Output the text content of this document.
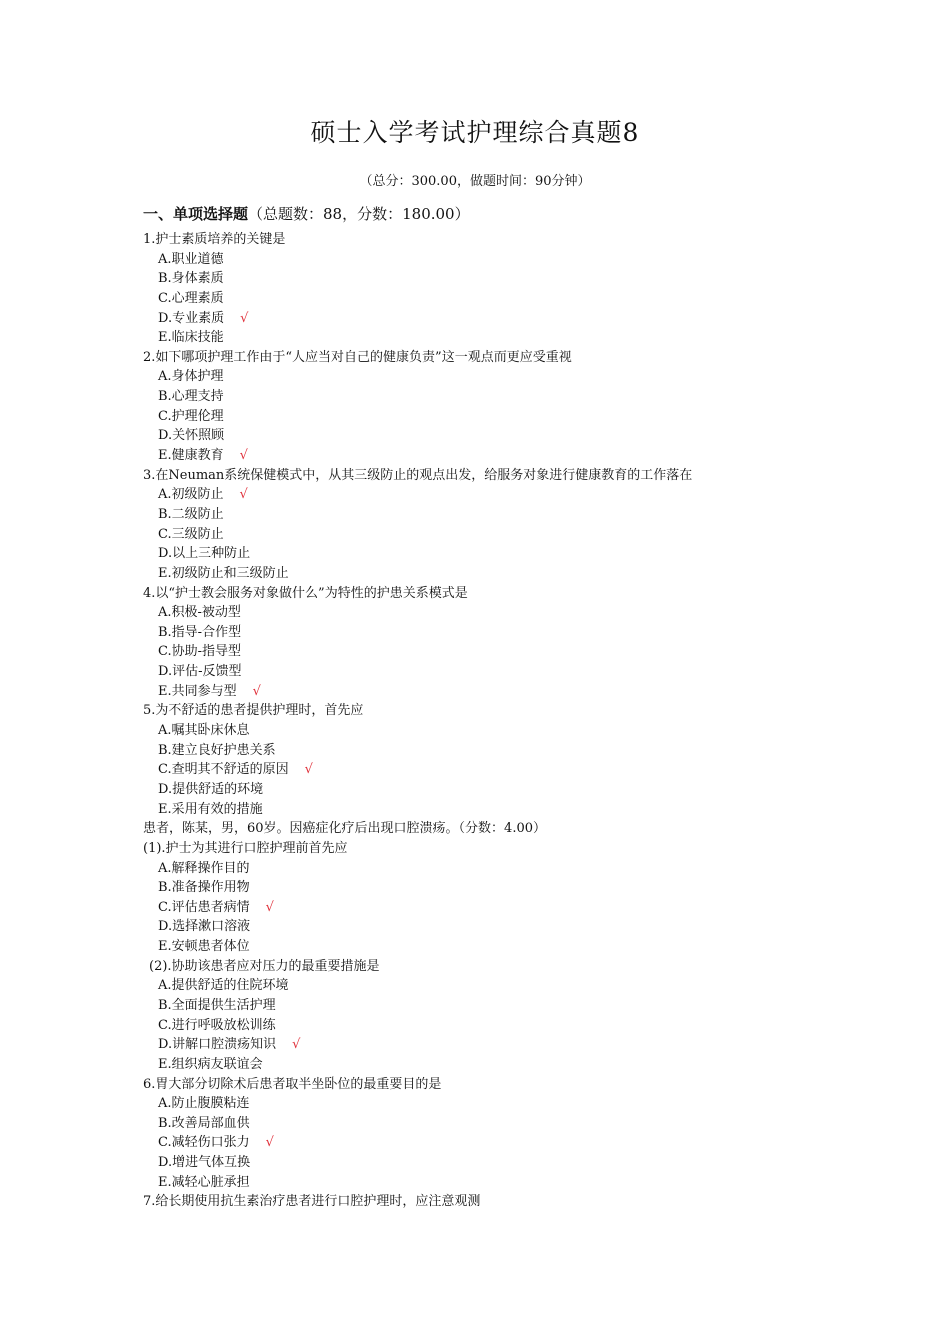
硕士入学考试护理综合真题8
（总分：300.00，做题时间：90分钟）
一、单项选择题（总题数：88，分数：180.00）
1.护士素质培养的关键是
A.职业道德
B.身体素质
C.心理素质
D.专业素质 √
E.临床技能
2.如下哪项护理工作由于“人应当对自己的健康负责”这一观点而更应受重视
A.身体护理
B.心理支持
C.护理伦理
D.关怀照顾
E.健康教育 √
3.在Neuman系统保健模式中，从其三级防止的观点出发，给服务对象进行健康教育的工作落在
A.初级防止 √
B.二级防止
C.三级防止
D.以上三种防止
E.初级防止和三级防止
4.以“护士教会服务对象做什么”为特性的护患关系模式是
A.积极-被动型
B.指导-合作型
C.协助-指导型
D.评估-反馈型
E.共同参与型 √
5.为不舒适的患者提供护理时，首先应
A.嘱其卧床休息
B.建立良好护患关系
C.查明其不舒适的原因 √
D.提供舒适的环境
E.采用有效的措施
患者，陈某，男，60岁。因癌症化疗后出现口腔溃疡。（分数：4.00）
(1).护士为其进行口腔护理前首先应
A.解释操作目的
B.准备操作用物
C.评估患者病情 √
D.选择漱口溶液
E.安顿患者体位
(2).协助该患者应对压力的最重要措施是
A.提供舒适的住院环境
B.全面提供生活护理
C.进行呼吸放松训练
D.讲解口腔溃疡知识 √
E.组织病友联谊会
6.胃大部分切除术后患者取半坐卧位的最重要目的是
A.防止腹膜粘连
B.改善局部血供
C.减轻伤口张力 √
D.增进气体互换
E.减轻心脏承担
7.给长期使用抗生素治疗患者进行口腔护理时，应注意观测
